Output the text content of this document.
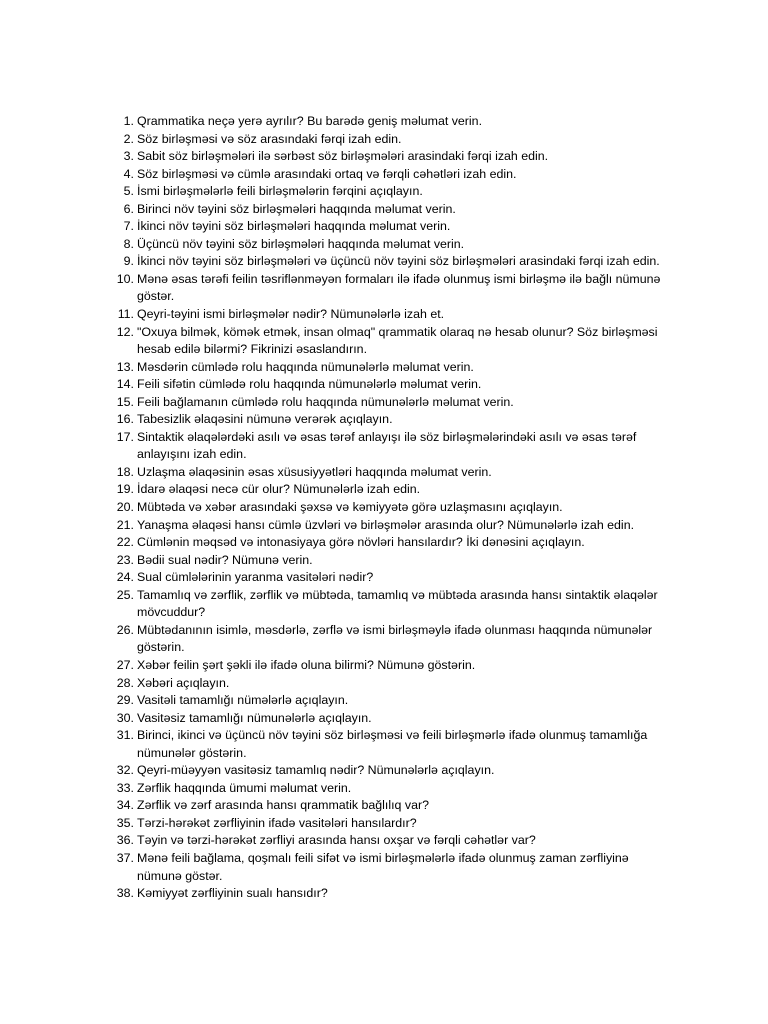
1. Qrammatika neçə yerə ayrılır? Bu barədə geniş məlumat verin.
2. Söz birləşməsi və söz arasındaki fərqi izah edin.
3. Sabit söz birləşmələri ilə sərbəst söz birləşmələri arasindaki fərqi izah edin.
4. Söz birləşməsi və cümlə arasındaki ortaq və fərqli cəhətləri izah edin.
5. İsmi birləşmələrlə feili birləşmələrin fərqini açıqlayın.
6. Birinci növ təyini söz birləşmələri haqqında məlumat verin.
7. İkinci növ təyini söz birləşmələri haqqında məlumat verin.
8. Üçüncü növ təyini söz birləşmələri haqqında məlumat verin.
9. İkinci növ təyini söz birləşmələri və üçüncü növ təyini söz birləşmələri arasindaki fərqi izah edin.
10. Mənə əsas tərəfi feilin təsriflənməyən formaları ilə ifadə olunmuş ismi birləşmə ilə bağlı nümunə göstər.
11. Qeyri-təyini ismi birləşmələr nədir? Nümunələrlə izah et.
12. "Oxuya bilmək, kömək etmək, insan olmaq" qrammatik olaraq nə hesab olunur? Söz birləşməsi hesab edilə bilərmi? Fikrinizi əsaslandırın.
13. Məsdərin cümlədə rolu haqqında nümunələrlə məlumat verin.
14. Feili sifətin cümlədə rolu haqqında nümunələrlə məlumat verin.
15. Feili bağlamanın cümlədə rolu haqqında nümunələrlə məlumat verin.
16. Tabesizlik əlaqəsini nümunə verərək açıqlayın.
17. Sintaktik əlaqələrdəki asılı və əsas tərəf anlayışı ilə söz birləşmələrindəki asılı və əsas tərəf anlayışını izah edin.
18. Uzlaşma əlaqəsinin əsas xüsusiyyətləri haqqında məlumat verin.
19. İdarə əlaqəsi necə cür olur? Nümunələrlə izah edin.
20. Mübtəda və xəbər arasındaki şəxsə və kəmiyyətə görə uzlaşmasını açıqlayın.
21. Yanaşma əlaqəsi hansı cümlə üzvləri və birləşmələr arasında olur? Nümunələrlə izah edin.
22. Cümlənin məqsəd və intonasiyaya görə növləri hansılardır? İki dənəsini açıqlayın.
23. Bədii sual nədir? Nümunə verin.
24. Sual cümlələrinin yaranma vasitələri nədir?
25. Tamamlıq və zərflik, zərflik və mübtəda, tamamlıq və mübtəda arasında hansı sintaktik əlaqələr mövcuddur?
26. Mübtədanının isimlə, məsdərlə, zərflə və ismi birləşməylə ifadə olunması haqqında nümunələr göstərin.
27. Xəbər feilin şərt şəkli ilə ifadə oluna bilirmi? Nümunə göstərin.
28. Xəbəri açıqlayın.
29. Vasitəli tamamlığı nümələrlə açıqlayın.
30. Vasitəsiz tamamlığı nümunələrlə açıqlayın.
31. Birinci, ikinci və üçüncü növ təyini söz birləşməsi və feili birləşmərlə ifadə olunmuş tamamlığa nümunələr göstərin.
32. Qeyri-müəyyən vasitəsiz tamamlıq nədir? Nümunələrlə açıqlayın.
33. Zərflik haqqında ümumi məlumat verin.
34. Zərflik və zərf arasında hansı qrammatik bağlılıq var?
35. Tərzi-hərəkət zərfliyinin ifadə vasitələri hansılardır?
36. Təyin və tərzi-hərəkət zərfliyi arasında hansı oxşar və fərqli cəhətlər var?
37. Mənə feili bağlama, qoşmalı feili sifət və ismi birləşmələrlə ifadə olunmuş zaman zərfliyinə nümunə göstər.
38. Kəmiyyət zərfliyinin sualı hansıdır?
